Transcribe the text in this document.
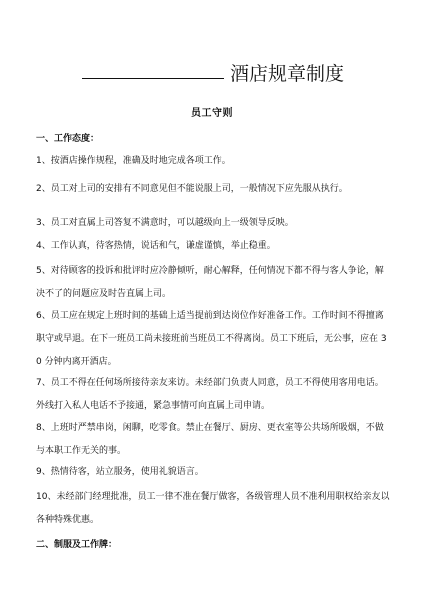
酒店规章制度
员工守则
一、工作态度：
1、按酒店操作规程，准确及时地完成各项工作。
2、员工对上司的安排有不同意见但不能说服上司，一般情况下应先服从执行。
3、员工对直属上司答复不满意时，可以越级向上一级领导反映。
4、工作认真，待客热情，说话和气，谦虚谨慎，举止稳重。
5、对待顾客的投诉和批评时应冷静倾听，耐心解释，任何情况下都不得与客人争论，解决不了的问题应及时告直属上司。
6、员工应在规定上班时间的基础上适当提前到达岗位作好准备工作。工作时间不得擅离职守或早退。在下一班员工尚未接班前当班员工不得离岗。员工下班后，无公事，应在 30 分钟内离开酒店。
7、员工不得在任何场所接待亲友来访。未经部门负责人同意，员工不得使用客用电话。外线打入私人电话不予接通，紧急事情可向直属上司申请。
8、上班时严禁串岗，闲聊，吃零食。禁止在餐厅、厨房、更衣室等公共场所吸烟，不做与本职工作无关的事。
9、热情待客，站立服务，使用礼貌语言。
10、未经部门经理批准，员工一律不准在餐厅做客，各级管理人员不准利用职权给亲友以各种特殊优惠。
二、制服及工作牌：
